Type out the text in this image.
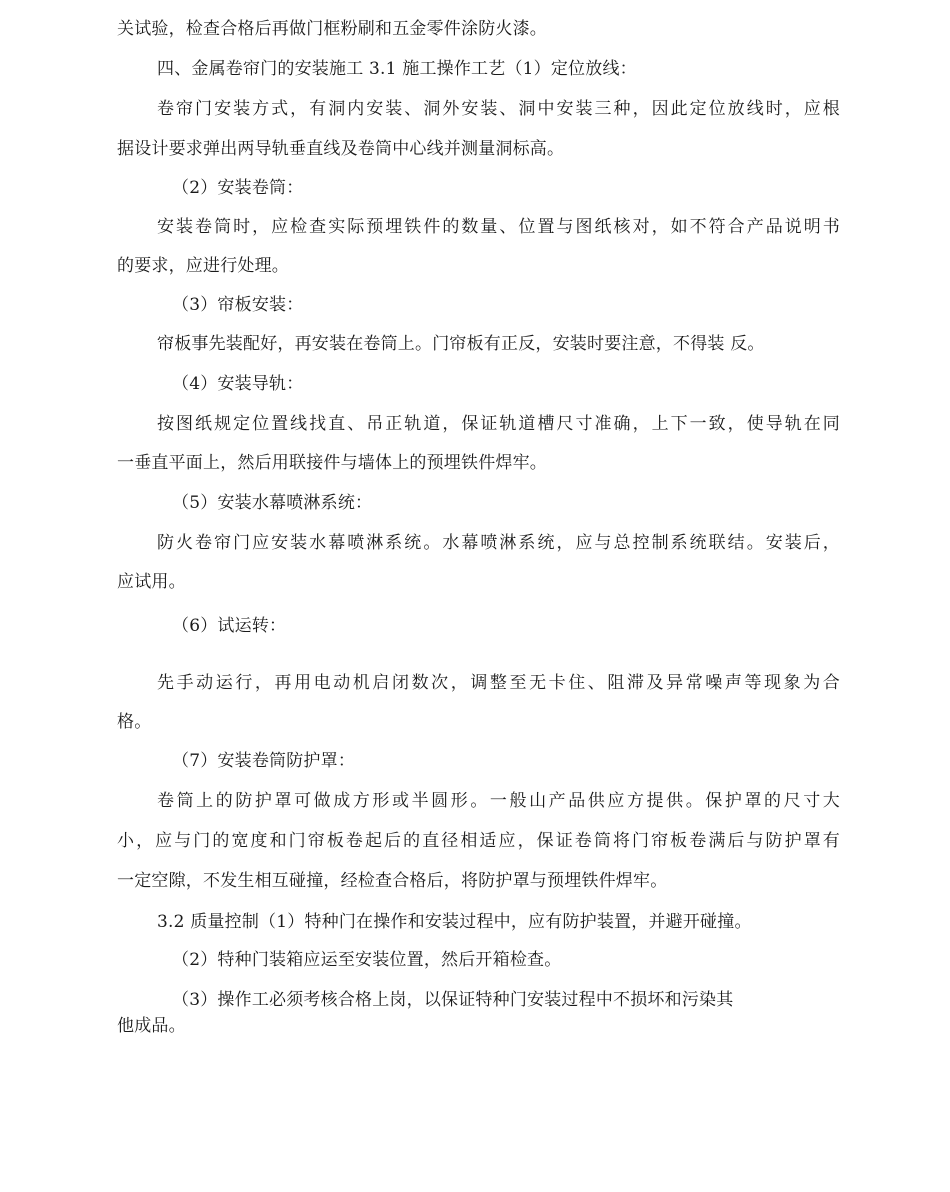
关试验，检查合格后再做门框粉刷和五金零件涂防火漆。
四、金属卷帘门的安装施工 3.1 施工操作工艺（1）定位放线：
卷帘门安装方式，有洞内安装、洞外安装、洞中安装三种，因此定位放线时，应根
据设计要求弹出两导轨垂直线及卷筒中心线并测量洞标高。
（2）安装卷筒：
安装卷筒时，应检查实际预埋铁件的数量、位置与图纸核对，如不符合产品说明书
的要求，应进行处理。
（3）帘板安装：
帘板事先装配好，再安装在卷筒上。门帘板有正反，安装时要注意，不得装 反。
（4）安装导轨：
按图纸规定位置线找直、吊正轨道，保证轨道槽尺寸准确，上下一致，使导轨在同
一垂直平面上，然后用联接件与墙体上的预埋铁件焊牢。
（5）安装水幕喷淋系统：
防火卷帘门应安装水幕喷淋系统。水幕喷淋系统，应与总控制系统联结。安装后，
应试用。
（6）试运转：
先手动运行，再用电动机启闭数次，调整至无卡住、阻滞及异常噪声等现象为合
格。
（7）安装卷筒防护罩：
卷筒上的防护罩可做成方形或半圆形。一般山产品供应方提供。保护罩的尺寸大
小，应与门的宽度和门帘板卷起后的直径相适应，保证卷筒将门帘板卷满后与防护罩有
一定空隙，不发生相互碰撞，经检查合格后，将防护罩与预埋铁件焊牢。
3.2 质量控制（1）特种门在操作和安装过程中，应有防护装置，并避开碰撞。
（2）特种门装箱应运至安装位置，然后开箱检查。
（3）操作工必须考核合格上岗，以保证特种门安装过程中不损坏和污染其
他成品。
